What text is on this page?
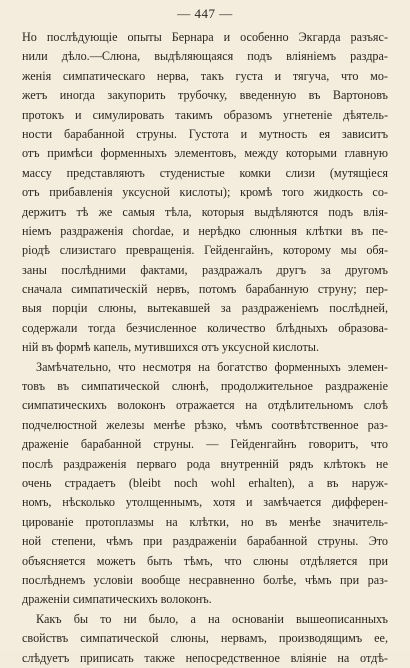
— 447 —
Но послѣдующіе опыты Бернара и особенно Экгарда разъяс-
нили дѣло.—Слюна, выдѣляющаяся подъ вліяніемъ раздра-
женія симпатическаго нерва, такъ густа и тягуча, что мо-
жетъ иногда закупорить трубочку, введенную въ Вартоновъ
протокъ и симулировать такимъ образомъ угнетеніе дѣятель-
ности барабанной струны. Густота и мутность ея зависитъ
отъ примѣси форменныхъ элементовъ, между которыми главную
массу представляютъ студенистые комки слизи (мутящіеся
отъ прибавленія уксусной кислоты); кромѣ того жидкость со-
держитъ тѣ же самыя тѣла, которыя выдѣляются подъ влія-
ніемъ раздраженія chordae, и нерѣдко слюнныя клѣтки въ пе-
ріодѣ слизистаго превращенія. Гейденгайнъ, которому мы обя-
заны послѣдними фактами, раздражалъ другъ за другомъ
сначала симпатическій нервъ, потомъ барабанную струну; пер-
выя порціи слюны, вытекавшей за раздраженіемъ послѣдней,
содержали тогда безчисленное количество блѣдныхъ образова-
ній въ формѣ капель, мутившихся отъ уксусной кислоты.
Замѣчательно, что несмотря на богатство форменныхъ элемен-
товъ въ симпатической слюнѣ, продолжительное раздраженіе
симпатическихъ волоконъ отражается на отдѣлительномъ слоѣ
подчелюстной железы менѣе рѣзко, чѣмъ соотвѣтственное раз-
драженіе барабанной струны. — Гейденгайнъ говоритъ, что
послѣ раздраженія перваго рода внутренній рядъ клѣтокъ не
очень страдаетъ (bleibt noch wohl erhalten), а въ наруж-
номъ, нѣсколько утолщеннымъ, хотя и замѣчается дифферен-
цированіе протоплазмы на клѣтки, но въ менѣе значитель-
ной степени, чѣмъ при раздраженіи барабанной струны. Это
объясняется можетъ быть тѣмъ, что слюны отдѣляется при
послѣднемъ условіи вообще несравненно болѣе, чѣмъ при раз-
драженіи симпатическихъ волоконъ.
Какъ бы то ни было, а на основаніи вышеописанныхъ
свойствъ симпатической слюны, нервамъ, производящимъ ее,
слѣдуетъ приписать также непосредственное вліяніе на отдѣ-
